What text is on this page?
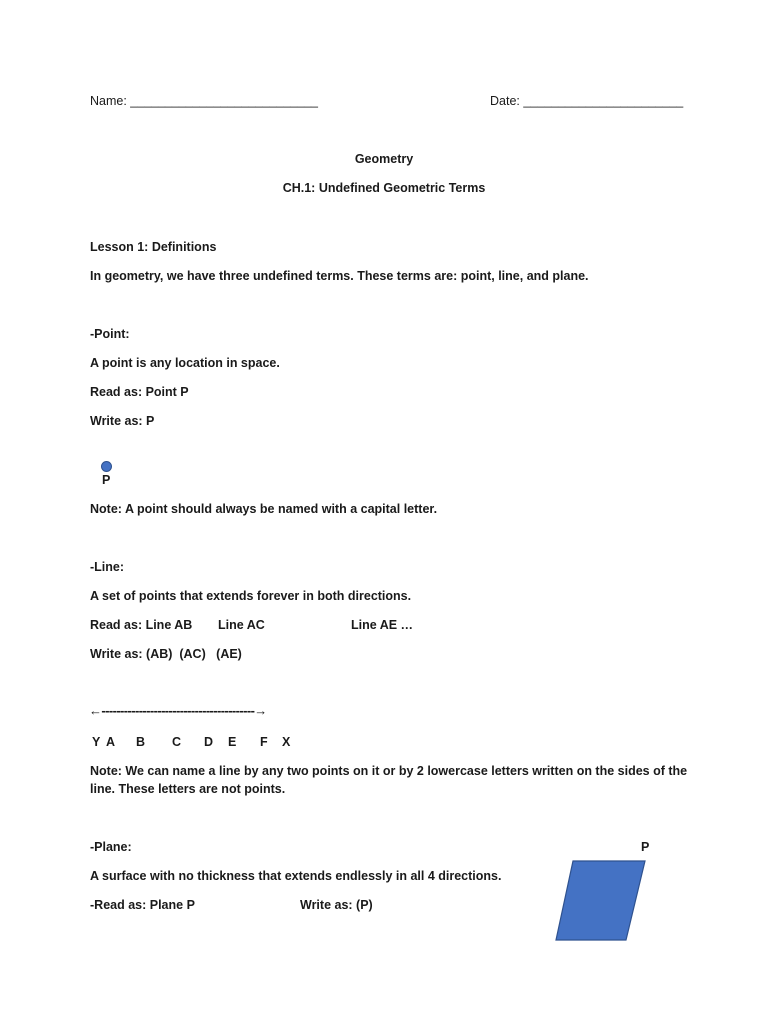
Name: ___________________________	Date: _______________________
Geometry
CH.1: Undefined Geometric Terms
Lesson 1: Definitions
In geometry, we have three undefined terms. These terms are: point, line, and plane.
-Point:
A point is any location in space.
Read as: Point P
Write as: P
P
Note: A point should always be named with a capital letter.
-Line:
A set of points that extends forever in both directions.
Read as: Line AB Line AC	Line AE …
Write as: (AB)  (AC)   (AE)
←-----------------------------------------→
Y A B C D E F X
Note: We can name a line by any two points on it or by 2 lowercase letters written on the sides of the
line. These letters are not points.
-Plane:	P
A surface with no thickness that extends endlessly in all 4 directions.
-Read as: Plane P	Write as: (P)
